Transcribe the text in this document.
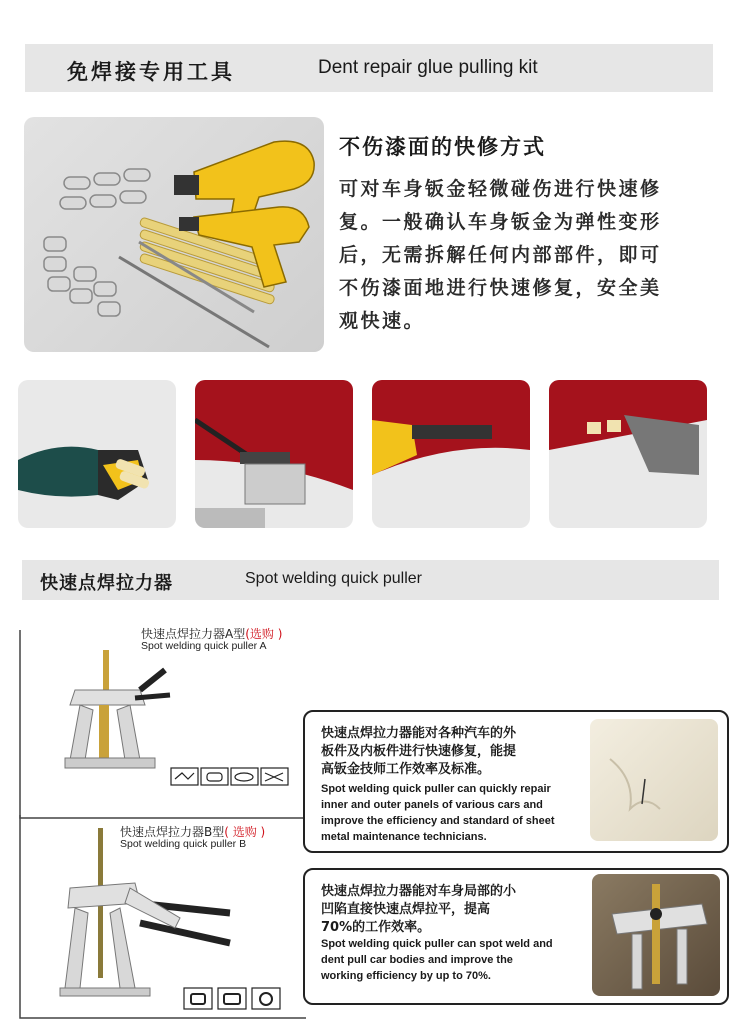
免焊接专用工具	Dent repair glue pulling kit
不伤漆面的快修方式
可对车身钣金轻微碰伤进行快速修
复。一般确认车身钣金为弹性变形
后，无需拆解任何内部部件，即可
不伤漆面地进行快速修复，安全美
观快速。
快速点焊拉力器	Spot welding quick puller
快速点焊拉力器A型(选购 )
Spot welding quick puller A
快速点焊拉力器能对各种汽车的外
板件及内板件进行快速修复，能提
高钣金技师工作效率及标准。
Spot welding quick puller can quickly repair
inner and outer panels of various cars and
improve the efficiency and standard of sheet
metal maintenance technicians.
快速点焊拉力器B型( 选购 )
Spot welding quick puller B
快速点焊拉力器能对车身局部的小
凹陷直接快速点焊拉平，提高
70%的工作效率。
Spot welding quick puller can spot weld and
dent pull car bodies and improve the
working efficiency by up to 70%.
